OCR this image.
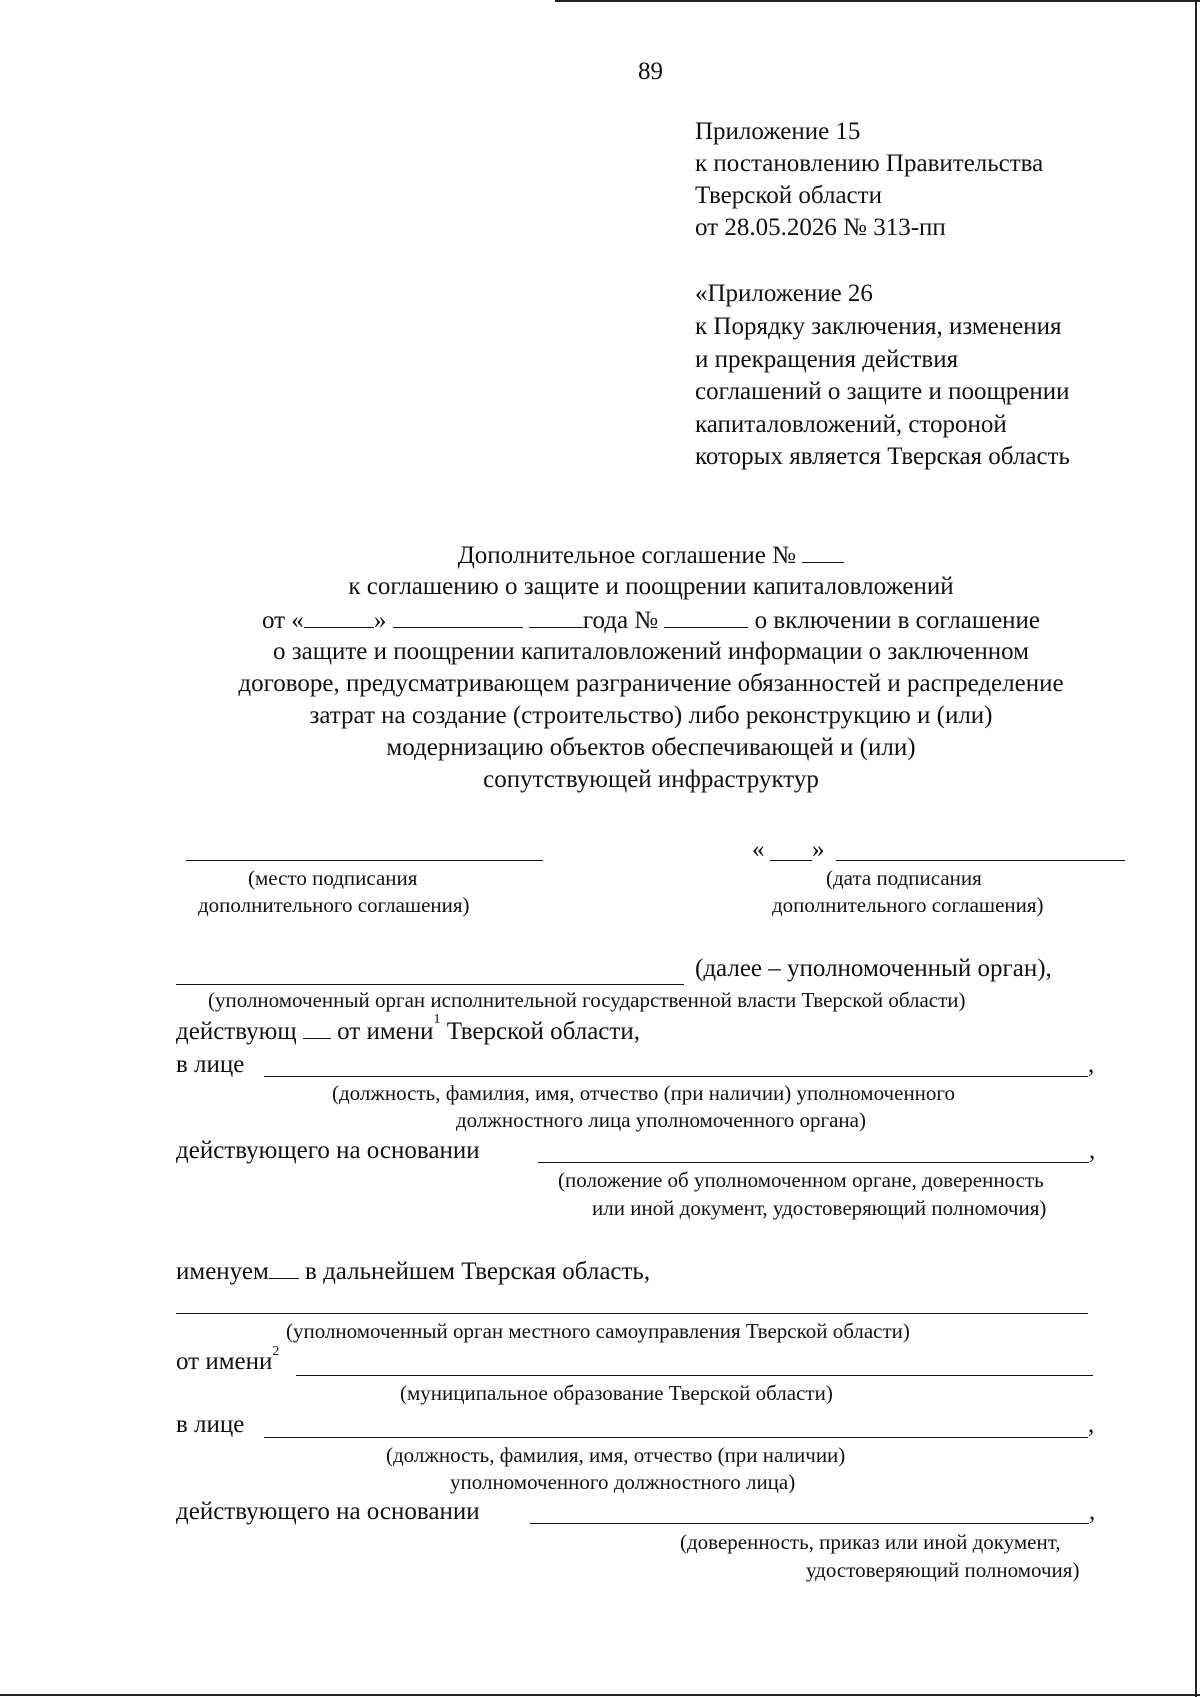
89
Приложение 15
к постановлению Правительства
Тверской области
от 28.05.2026 № 313-пп
«Приложение 26
к Порядку заключения, изменения
и прекращения действия
соглашений о защите и поощрении
капиталовложений, стороной
которых является Тверская область
Дополнительное соглашение №
к соглашению о защите и поощрении капиталовложений
от «	»	года №	о включении в соглашение
о защите и поощрении капиталовложений информации о заключенном
договоре, предусматривающем разграничение обязанностей и распределение
затрат на создание (строительство) либо реконструкцию и (или)
модернизацию объектов обеспечивающей и (или)
сопутствующей инфраструктур
(место подписания
дополнительного соглашения)
« »
(дата подписания
дополнительного соглашения)
(далее – уполномоченный орган),
(уполномоченный орган исполнительной государственной власти Тверской области)
действующ от имени$^1$ Тверской области,
в лице	,
(должность, фамилия, имя, отчество (при наличии) уполномоченного
должностного лица уполномоченного органа)
действующего на основании	,
(положение об уполномоченном органе, доверенность
или иной документ, удостоверяющий полномочия)
именуем в дальнейшем Тверская область,
(уполномоченный орган местного самоуправления Тверской области)
от имени$^2$
(муниципальное образование Тверской области)
в лице	,
(должность, фамилия, имя, отчество (при наличии)
уполномоченного должностного лица)
действующего на основании	,
(доверенность, приказ или иной документ,
удостоверяющий полномочия)
